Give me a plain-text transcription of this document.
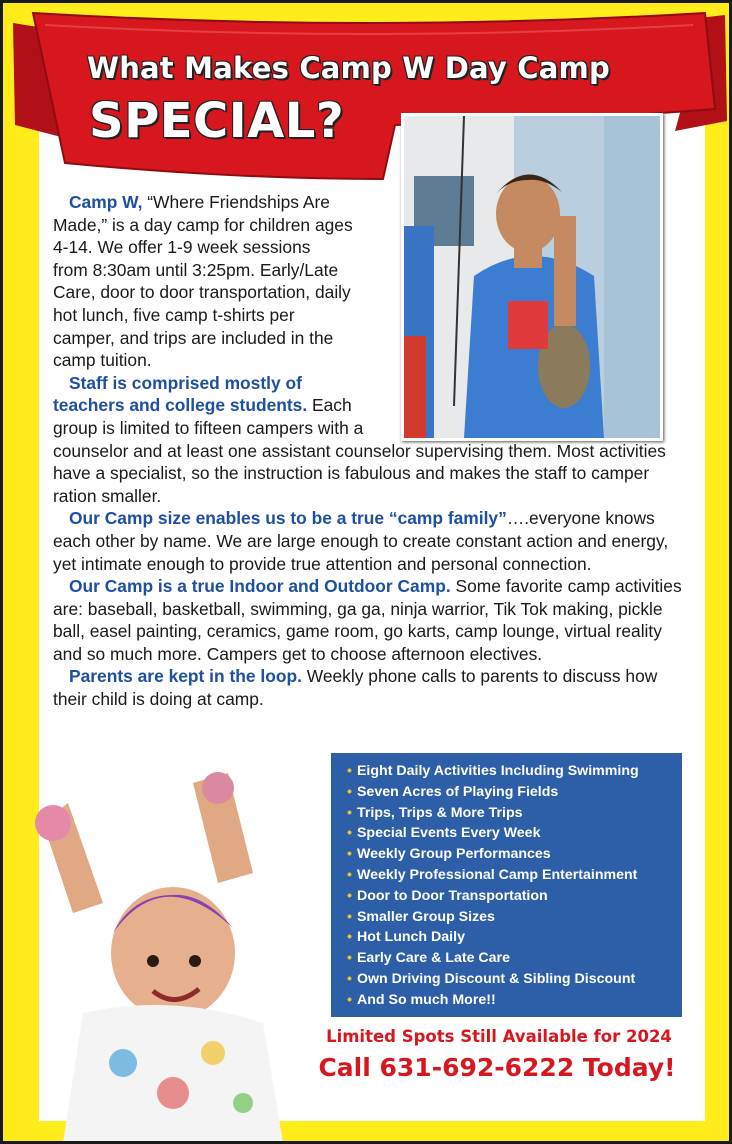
What Makes Camp W Day Camp
SPECIAL?

Camp W, “Where Friendships Are
Made,” is a day camp for children ages
4-14. We offer 1-9 week sessions
from 8:30am until 3:25pm. Early/Late
Care, door to door transportation, daily
hot lunch, five camp t-shirts per
camper, and trips are included in the
camp tuition.

Staff is comprised mostly of
teachers and college students. Each
group is limited to fifteen campers with a
counselor and at least one assistant counselor supervising them. Most activities have a specialist, so the instruction is fabulous and makes the staff to camper ration smaller.

Our Camp size enables us to be a true “camp family”….everyone knows each other by name. We are large enough to create constant action and energy, yet intimate enough to provide true attention and personal connection.

Our Camp is a true Indoor and Outdoor Camp. Some favorite camp activities are: baseball, basketball, swimming, ga ga, ninja warrior, Tik Tok making, pickle ball, easel painting, ceramics, game room, go karts, camp lounge, virtual reality and so much more. Campers get to choose afternoon electives.

Parents are kept in the loop. Weekly phone calls to parents to discuss how their child is doing at camp.

• Eight Daily Activities Including Swimming
• Seven Acres of Playing Fields
• Trips, Trips & More Trips
• Special Events Every Week
• Weekly Group Performances
• Weekly Professional Camp Entertainment
• Door to Door Transportation
• Smaller Group Sizes
• Hot Lunch Daily
• Early Care & Late Care
• Own Driving Discount & Sibling Discount
• And So much More!!
Limited Spots Still Available for 2024
Call 631-692-6222 Today!
